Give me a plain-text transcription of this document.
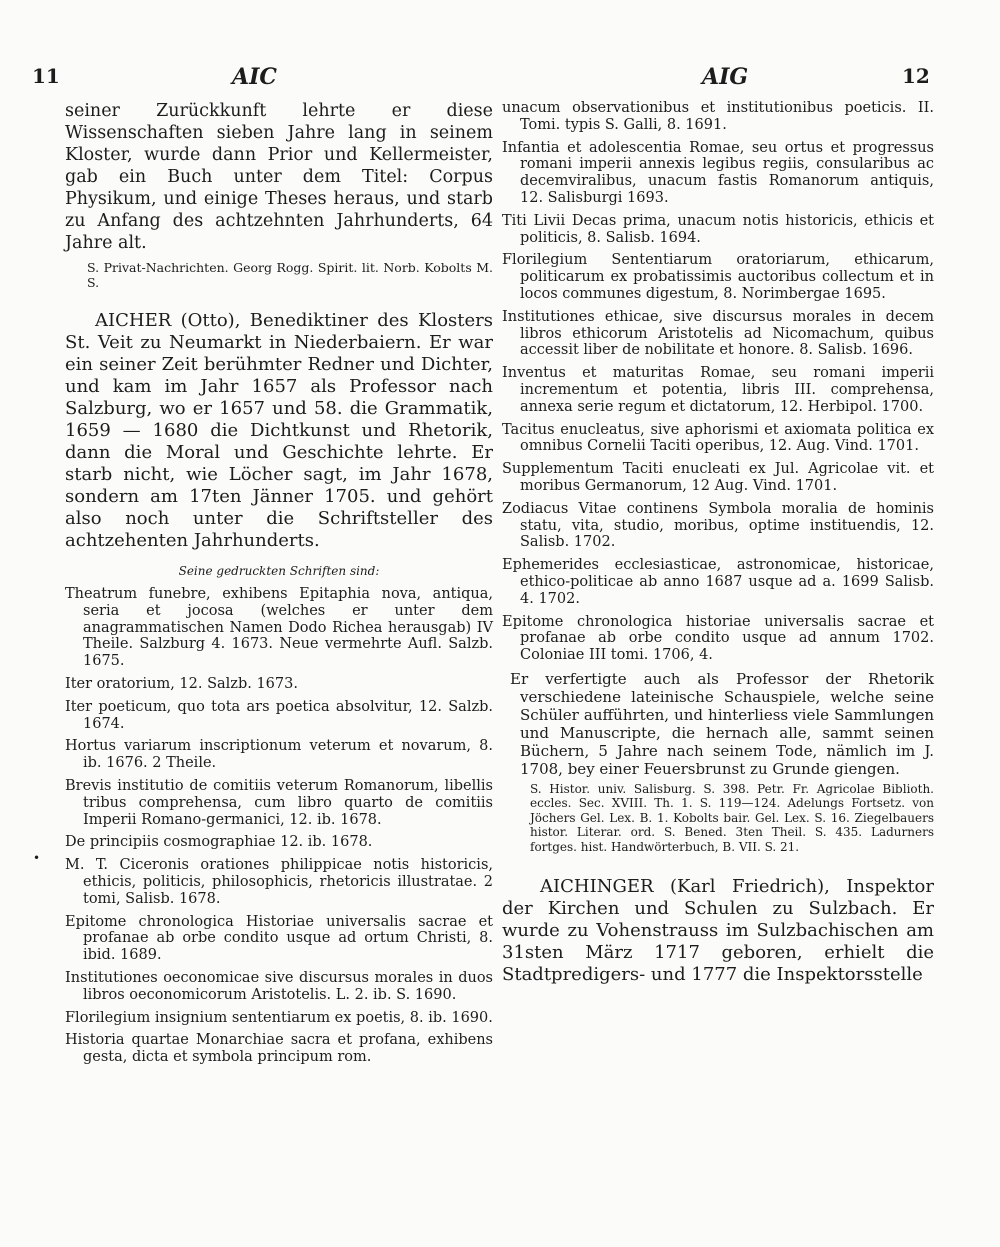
11	AIC	AIG	12
•

seiner Zurückkunft lehrte er diese Wissenschaften sieben Jahre lang in seinem Kloster, wurde dann Prior und Kellermeister, gab ein Buch unter dem Titel: Corpus Physikum, und einige Theses heraus, und starb zu Anfang des achtzehnten Jahrhunderts, 64 Jahre alt.

S. Privat-Nachrichten. Georg Rogg. Spirit. lit. Norb. Kobolts M. S.

AICHER (Otto), Benediktiner des Klosters St. Veit zu Neumarkt in Niederbaiern. Er war ein seiner Zeit berühmter Redner und Dichter, und kam im Jahr 1657 als Professor nach Salzburg, wo er 1657 und 58. die Grammatik, 1659 — 1680 die Dichtkunst und Rhetorik, dann die Moral und Geschichte lehrte. Er starb nicht, wie Löcher sagt, im Jahr 1678, sondern am 17ten Jänner 1705. und gehört also noch unter die Schriftsteller des achtzehenten Jahrhunderts.

Seine gedruckten Schriften sind:

Theatrum funebre, exhibens Epitaphia nova, antiqua, seria et jocosa (welches er unter dem anagrammatischen Namen Dodo Richea herausgab) IV Theile. Salzburg 4. 1673. Neue vermehrte Aufl. Salzb. 1675.

Iter oratorium, 12. Salzb. 1673.

Iter poeticum, quo tota ars poetica absolvitur, 12. Salzb. 1674.

Hortus variarum inscriptionum veterum et novarum, 8. ib. 1676. 2 Theile.

Brevis institutio de comitiis veterum Romanorum, libellis tribus comprehensa, cum libro quarto de comitiis Imperii Romano-germanici, 12. ib. 1678.

De principiis cosmographiae 12. ib. 1678.

M. T. Ciceronis orationes philippicae notis historicis, ethicis, politicis, philosophicis, rhetoricis illustratae. 2 tomi, Salisb. 1678.

Epitome chronologica Historiae universalis sacrae et profanae ab orbe condito usque ad ortum Christi, 8. ibid. 1689.

Institutiones oeconomicae sive discursus morales in duos libros oeconomicorum Aristotelis. L. 2. ib. S. 1690.

Florilegium insignium sententiarum ex poetis, 8. ib. 1690.

Historia quartae Monarchiae sacra et profana, exhibens gesta, dicta et symbola principum rom.

unacum observationibus et institutionibus poeticis. II. Tomi. typis S. Galli, 8. 1691.

Infantia et adolescentia Romae, seu ortus et progressus romani imperii annexis legibus regiis, consularibus ac decemviralibus, unacum fastis Romanorum antiquis, 12. Salisburgi 1693.

Titi Livii Decas prima, unacum notis historicis, ethicis et politicis, 8. Salisb. 1694.

Florilegium Sententiarum oratoriarum, ethicarum, politicarum ex probatissimis auctoribus collectum et in locos communes digestum, 8. Norimbergae 1695.

Institutiones ethicae, sive discursus morales in decem libros ethicorum Aristotelis ad Nicomachum, quibus accessit liber de nobilitate et honore. 8. Salisb. 1696.

Inventus et maturitas Romae, seu romani imperii incrementum et potentia, libris III. comprehensa, annexa serie regum et dictatorum, 12. Herbipol. 1700.

Tacitus enucleatus, sive aphorismi et axiomata politica ex omnibus Cornelii Taciti operibus, 12. Aug. Vind. 1701.

Supplementum Taciti enucleati ex Jul. Agricolae vit. et moribus Germanorum, 12 Aug. Vind. 1701.

Zodiacus Vitae continens Symbola moralia de hominis statu, vita, studio, moribus, optime instituendis, 12. Salisb. 1702.

Ephemerides ecclesiasticae, astronomicae, historicae, ethico-politicae ab anno 1687 usque ad a. 1699 Salisb. 4. 1702.

Epitome chronologica historiae universalis sacrae et profanae ab orbe condito usque ad annum 1702. Coloniae III tomi. 1706, 4.

Er verfertigte auch als Professor der Rhetorik verschiedene lateinische Schauspiele, welche seine Schüler aufführten, und hinterliess viele Sammlungen und Manuscripte, die hernach alle, sammt seinen Büchern, 5 Jahre nach seinem Tode, nämlich im J. 1708, bey einer Feuersbrunst zu Grunde giengen.

S. Histor. univ. Salisburg. S. 398. Petr. Fr. Agricolae Biblioth. eccles. Sec. XVIII. Th. 1. S. 119—124. Adelungs Fortsetz. von Jöchers Gel. Lex. B. 1. Kobolts bair. Gel. Lex. S. 16. Ziegelbauers histor. Literar. ord. S. Bened. 3ten Theil. S. 435. Ladurners fortges. hist. Handwörterbuch, B. VII. S. 21.

AICHINGER (Karl Friedrich), Inspektor der Kirchen und Schulen zu Sulzbach. Er wurde zu Vohenstrauss im Sulzbachischen am 31sten März 1717 geboren, erhielt die Stadtpredigers- und 1777 die Inspektorsstelle
